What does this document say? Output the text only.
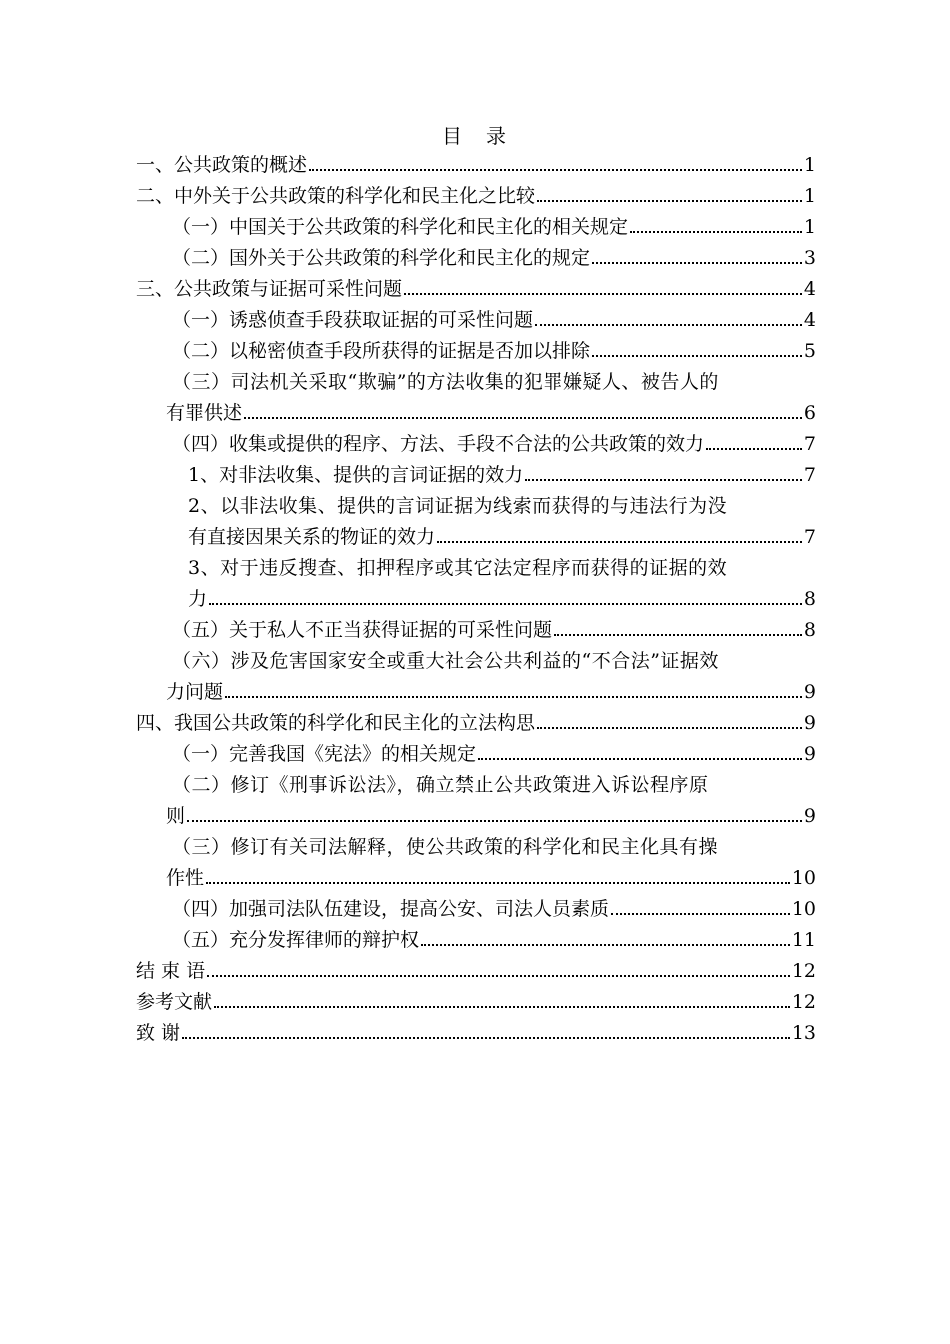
目　录
一、公共政策的概述	1
二、中外关于公共政策的科学化和民主化之比较	1
（一）中国关于公共政策的科学化和民主化的相关规定	1
（二）国外关于公共政策的科学化和民主化的规定	3
三、公共政策与证据可采性问题	4
（一）诱惑侦查手段获取证据的可采性问题	4
（二）以秘密侦查手段所获得的证据是否加以排除	5
（三）司法机关采取“欺骗”的方法收集的犯罪嫌疑人、被告人的
有罪供述	6
（四）收集或提供的程序、方法、手段不合法的公共政策的效力	7
1、对非法收集、提供的言词证据的效力	7
2、以非法收集、提供的言词证据为线索而获得的与违法行为没
有直接因果关系的物证的效力	7
3、对于违反搜查、扣押程序或其它法定程序而获得的证据的效
力	8
（五）关于私人不正当获得证据的可采性问题	8
（六）涉及危害国家安全或重大社会公共利益的“不合法”证据效
力问题	9
四、我国公共政策的科学化和民主化的立法构思	9
（一）完善我国《宪法》的相关规定	9
（二）修订《刑事诉讼法》，确立禁止公共政策进入诉讼程序原
则	9
（三）修订有关司法解释，使公共政策的科学化和民主化具有操
作性	10
（四）加强司法队伍建设，提高公安、司法人员素质	10
（五）充分发挥律师的辩护权	11
结 束 语	12
参考文献	12
致 谢	13
